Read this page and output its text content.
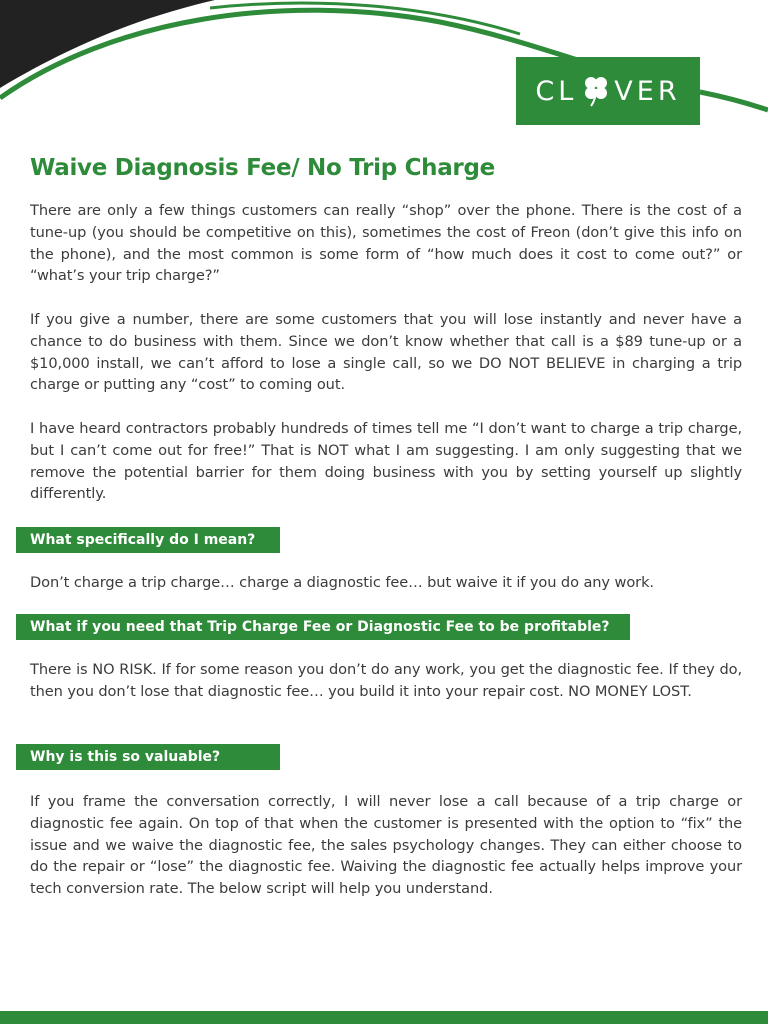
CL VER
Waive Diagnosis Fee/ No Trip Charge

There are only a few things customers can really “shop” over the phone. There is the cost of a tune-up (you should be competitive on this), sometimes the cost of Freon (don’t give this info on the phone), and the most common is some form of “how much does it cost to come out?” or “what’s your trip charge?”

If you give a number, there are some customers that you will lose instantly and never have a chance to do business with them. Since we don’t know whether that call is a $89 tune-up or a $10,000 install, we can’t afford to lose a single call, so we DO NOT BELIEVE in charging a trip charge or putting any “cost” to coming out.

I have heard contractors probably hundreds of times tell me “I don’t want to charge a trip charge, but I can’t come out for free!” That is NOT what I am suggesting. I am only suggesting that we remove the potential barrier for them doing business with you by setting yourself up slightly differently.

What specifically do I mean?

Don’t charge a trip charge… charge a diagnostic fee… but waive it if you do any work.

What if you need that Trip Charge Fee or Diagnostic Fee to be profitable?

There is NO RISK. If for some reason you don’t do any work, you get the diagnostic fee. If they do, then you don’t lose that diagnostic fee… you build it into your repair cost. NO MONEY LOST.

Why is this so valuable?

If you frame the conversation correctly, I will never lose a call because of a trip charge or diagnostic fee again. On top of that when the customer is presented with the option to “fix” the issue and we waive the diagnostic fee, the sales psychology changes. They can either choose to do the repair or “lose” the diagnostic fee. Waiving the diagnostic fee actually helps improve your tech conversion rate. The below script will help you understand.
